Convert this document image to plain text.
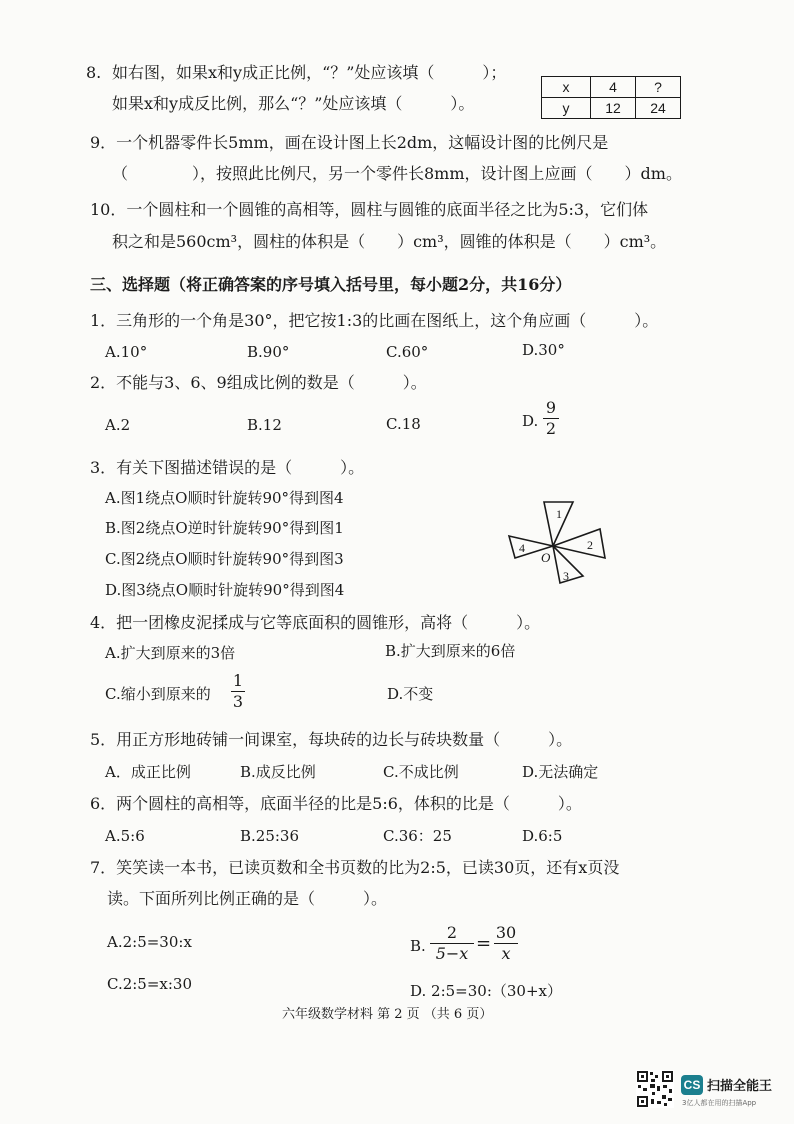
8. 如右图，如果x和y成正比例，“？”处应该填（　　　）；
如果x和y成反比例，那么“？”处应该填（　　　）。
x	4	?
y	12	24
9．一个机器零件长5mm，画在设计图上长2dm，这幅设计图的比例尺是
（　　　　），按照此比例尺，另一个零件长8mm，设计图上应画（　　）dm。
10．一个圆柱和一个圆锥的高相等，圆柱与圆锥的底面半径之比为5:3，它们体
积之和是560cm³，圆柱的体积是（　　）cm³，圆锥的体积是（　　）cm³。
三、选择题（将正确答案的序号填入括号里，每小题2分，共16分）
1．三角形的一个角是30°，把它按1:3的比画在图纸上，这个角应画（　　　）。
A.10°	B.90°	C.60°	D.30°
2．不能与3、6、9组成比例的数是（　　　）。
A.2	B.12	C.18	D.
9
2
3．有关下图描述错误的是（　　　）。
A.图1绕点O顺时针旋转90°得到图4
B.图2绕点O逆时针旋转90°得到图1
C.图2绕点O顺时针旋转90°得到图3
D.图3绕点O顺时针旋转90°得到图4
1
2
3
4
O
4．把一团橡皮泥揉成与它等底面积的圆锥形，高将（　　　）。
A.扩大到原来的3倍	B.扩大到原来的6倍
C.缩小到原来的
1
3	D.不变
5．用正方形地砖铺一间课室，每块砖的边长与砖块数量（　　　）。
A．成正比例	B.成反比例	C.不成比例	D.无法确定
6．两个圆柱的高相等，底面半径的比是5:6，体积的比是（　　　）。
A.5:6	B.25:36	C.36：25	D.6:5
7．笑笑读一本书，已读页数和全书页数的比为2:5，已读30页，还有x页没
读。下面所列比例正确的是（　　　）。
A.2:5=30:x	B.
2
5−x =
30
x
C.2:5=x:30	D. 2:5=30:（30+x）
六年级数学材料 第 2 页 （共 6 页）
CS 扫描全能王
3亿人都在用的扫描App
